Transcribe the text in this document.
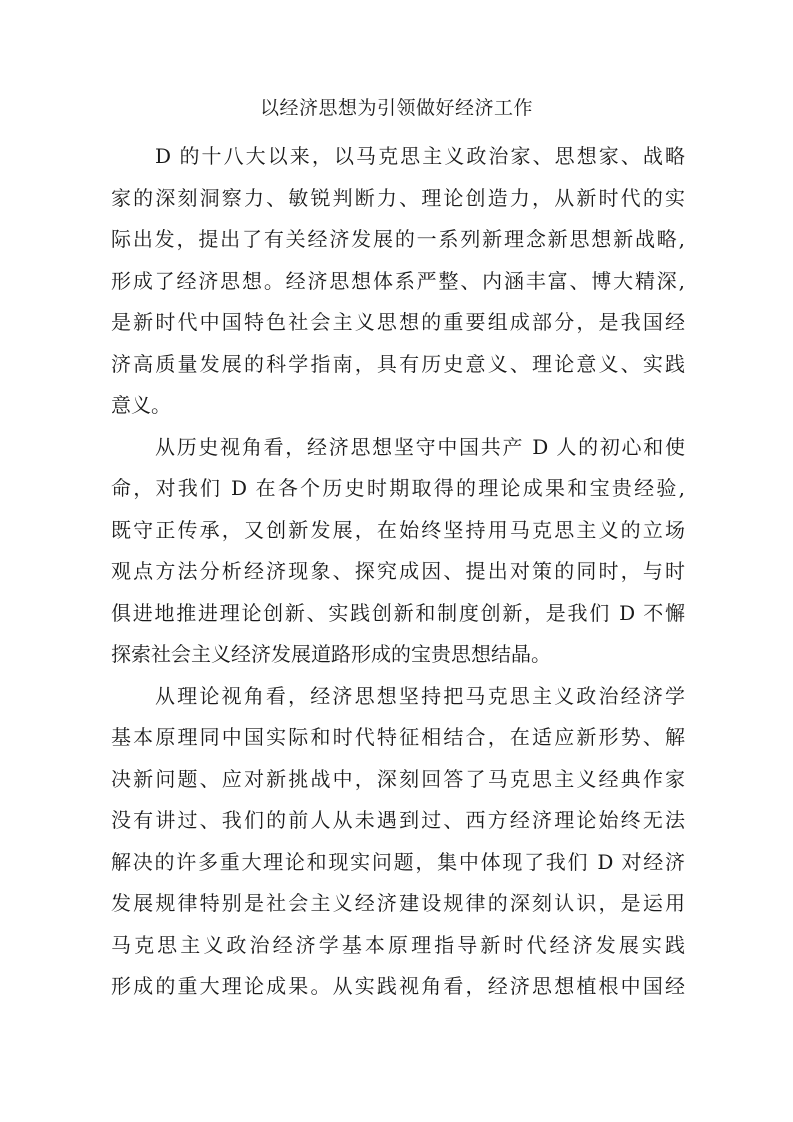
以经济思想为引领做好经济工作
D 的十八大以来，以马克思主义政治家、思想家、战略
家的深刻洞察力、敏锐判断力、理论创造力，从新时代的实
际出发，提出了有关经济发展的一系列新理念新思想新战略,
形成了经济思想。经济思想体系严整、内涵丰富、博大精深,
是新时代中国特色社会主义思想的重要组成部分，是我国经
济高质量发展的科学指南，具有历史意义、理论意义、实践
意义。
从历史视角看，经济思想坚守中国共产 D 人的初心和使
命，对我们 D 在各个历史时期取得的理论成果和宝贵经验,
既守正传承，又创新发展，在始终坚持用马克思主义的立场
观点方法分析经济现象、探究成因、提出对策的同时，与时
俱进地推进理论创新、实践创新和制度创新，是我们 D 不懈
探索社会主义经济发展道路形成的宝贵思想结晶。
从理论视角看，经济思想坚持把马克思主义政治经济学
基本原理同中国实际和时代特征相结合，在适应新形势、解
决新问题、应对新挑战中，深刻回答了马克思主义经典作家
没有讲过、我们的前人从未遇到过、西方经济理论始终无法
解决的许多重大理论和现实问题，集中体现了我们 D 对经济
发展规律特别是社会主义经济建设规律的深刻认识，是运用
马克思主义政治经济学基本原理指导新时代经济发展实践
形成的重大理论成果。从实践视角看，经济思想植根中国经
